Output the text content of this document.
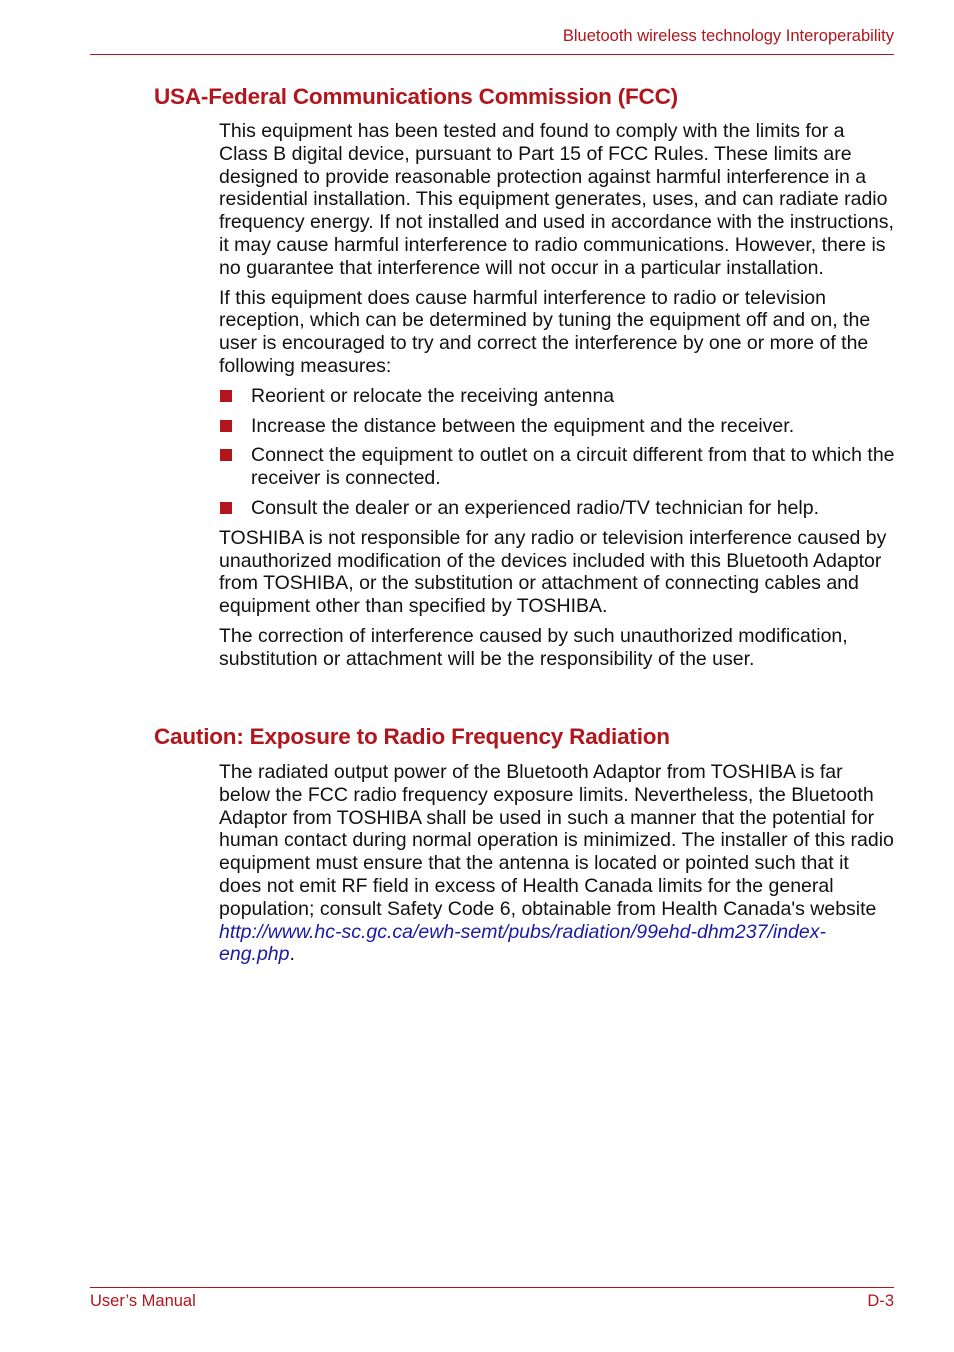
Bluetooth wireless technology Interoperability
USA-Federal Communications Commission (FCC)

This equipment has been tested and found to comply with the limits for a Class B digital device, pursuant to Part 15 of FCC Rules. These limits are designed to provide reasonable protection against harmful interference in a residential installation. This equipment generates, uses, and can radiate radio frequency energy. If not installed and used in accordance with the instructions, it may cause harmful interference to radio communications. However, there is no guarantee that interference will not occur in a particular installation.

If this equipment does cause harmful interference to radio or television reception, which can be determined by tuning the equipment off and on, the user is encouraged to try and correct the interference by one or more of the following measures:

Reorient or relocate the receiving antenna
Increase the distance between the equipment and the receiver.
Connect the equipment to outlet on a circuit different from that to which the receiver is connected.
Consult the dealer or an experienced radio/TV technician for help.

TOSHIBA is not responsible for any radio or television interference caused by unauthorized modification of the devices included with this Bluetooth Adaptor from TOSHIBA, or the substitution or attachment of connecting cables and equipment other than specified by TOSHIBA.

The correction of interference caused by such unauthorized modification, substitution or attachment will be the responsibility of the user.

Caution: Exposure to Radio Frequency Radiation

The radiated output power of the Bluetooth Adaptor from TOSHIBA is far below the FCC radio frequency exposure limits. Nevertheless, the Bluetooth Adaptor from TOSHIBA shall be used in such a manner that the potential for human contact during normal operation is minimized. The installer of this radio equipment must ensure that the antenna is located or pointed such that it does not emit RF field in excess of Health Canada limits for the general population; consult Safety Code 6, obtainable from Health Canada's website http://www.hc-sc.gc.ca/ewh-semt/pubs/radiation/99ehd-dhm237/index-eng.php.

User’s Manual	D-3
